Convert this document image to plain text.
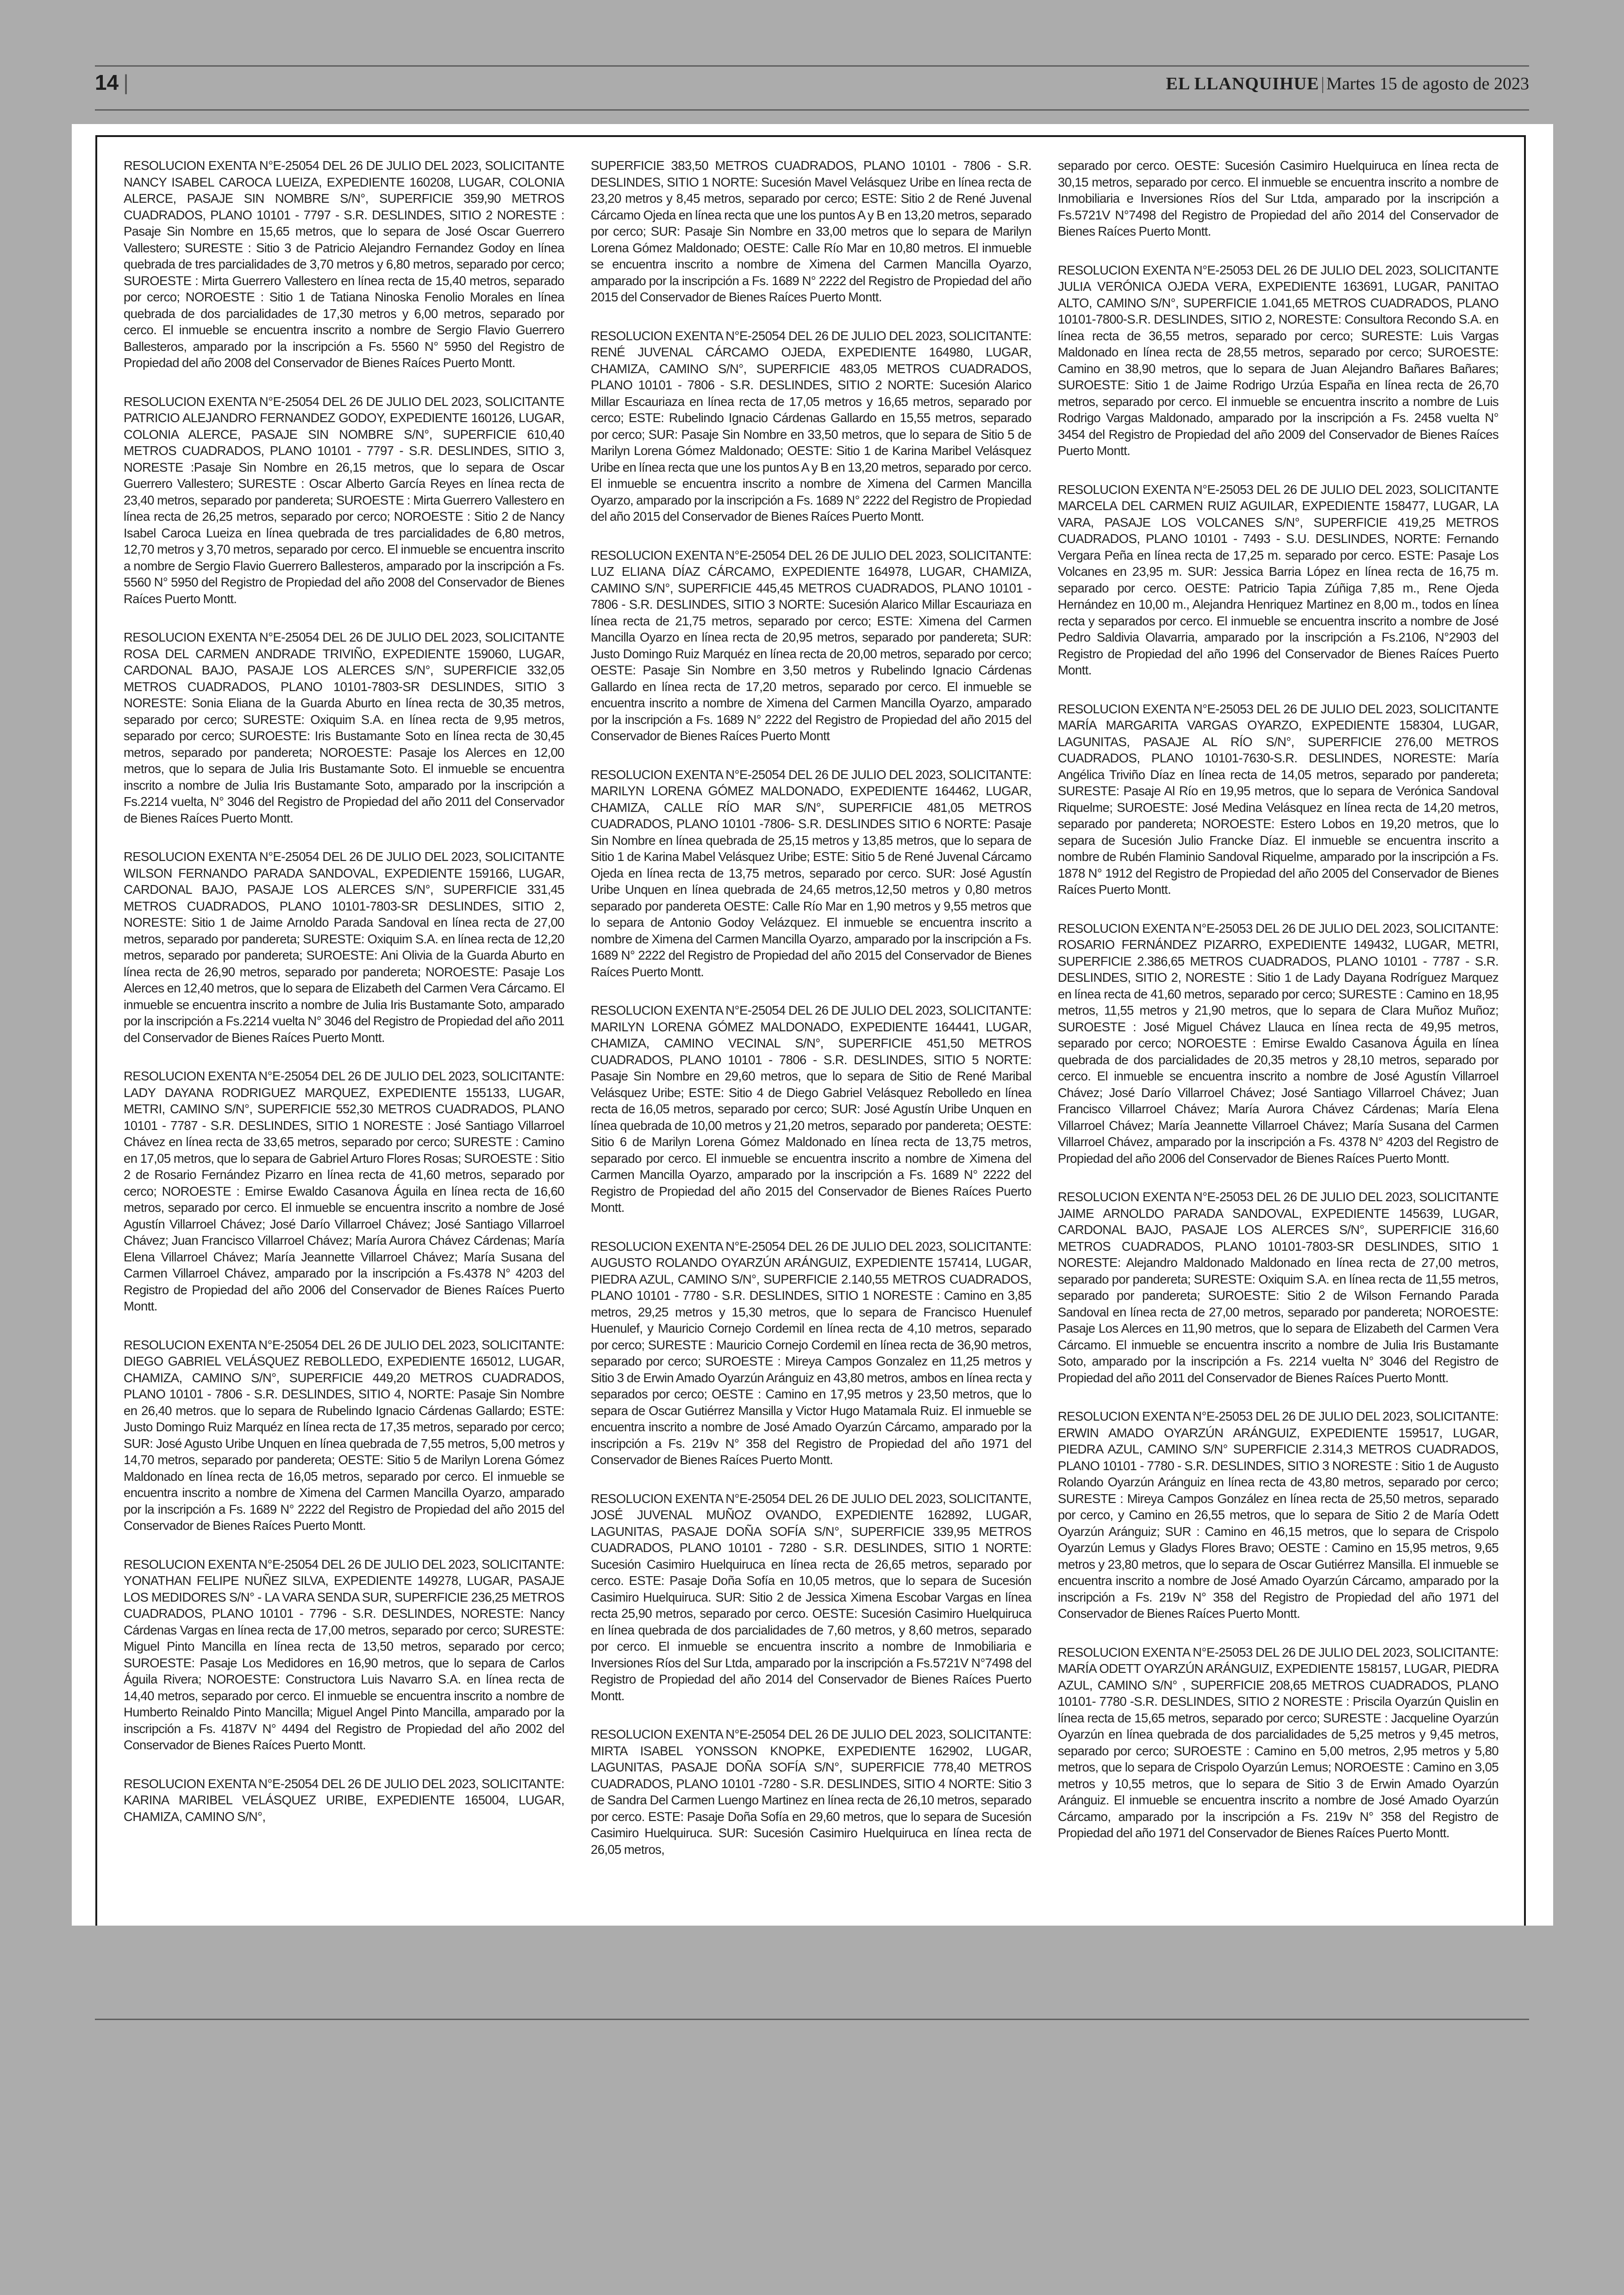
14 |	EL LLANQUIHUE | Martes 15 de agosto de 2023

RESOLUCION EXENTA N°E-25054 DEL 26 DE JULIO DEL 2023, SOLICITANTE NANCY ISABEL CAROCA LUEIZA, EXPEDIENTE 160208, LUGAR, COLONIA ALERCE, PASAJE SIN NOMBRE S/N°, SUPERFICIE 359,90 METROS CUADRADOS, PLANO 10101 - 7797 - S.R. DESLINDES, SITIO 2 NORESTE : Pasaje Sin Nombre en 15,65 metros, que lo separa de José Oscar Guerrero Vallestero; SURESTE : Sitio 3 de Patricio Alejandro Fernandez Godoy en línea quebrada de tres parcialidades de 3,70 metros y 6,80 metros, separado por cerco; SUROESTE : Mirta Guerrero Vallestero en línea recta de 15,40 metros, separado por cerco; NOROESTE : Sitio 1 de Tatiana Ninoska Fenolio Morales en línea quebrada de dos parcialidades de 17,30 metros y 6,00 metros, separado por cerco. El inmueble se encuentra inscrito a nombre de Sergio Flavio Guerrero Ballesteros, amparado por la inscripción a Fs. 5560 N° 5950 del Registro de Propiedad del año 2008 del Conservador de Bienes Raíces Puerto Montt.

RESOLUCION EXENTA N°E-25054 DEL 26 DE JULIO DEL 2023, SOLICITANTE PATRICIO ALEJANDRO FERNANDEZ GODOY, EXPEDIENTE 160126, LUGAR, COLONIA ALERCE, PASAJE SIN NOMBRE S/N°, SUPERFICIE 610,40 METROS CUADRADOS, PLANO 10101 - 7797 - S.R. DESLINDES, SITIO 3, NORESTE :Pasaje Sin Nombre en 26,15 metros, que lo separa de Oscar Guerrero Vallestero; SURESTE : Oscar Alberto García Reyes en línea recta de 23,40 metros, separado por pandereta; SUROESTE : Mirta Guerrero Vallestero en línea recta de 26,25 metros, separado por cerco; NOROESTE : Sitio 2 de Nancy Isabel Caroca Lueiza en línea quebrada de tres parcialidades de 6,80 metros, 12,70 metros y 3,70 metros, separado por cerco. El inmueble se encuentra inscrito a nombre de Sergio Flavio Guerrero Ballesteros, amparado por la inscripción a Fs. 5560 N° 5950 del Registro de Propiedad del año 2008 del Conservador de Bienes Raíces Puerto Montt.

RESOLUCION EXENTA N°E-25054 DEL 26 DE JULIO DEL 2023, SOLICITANTE ROSA DEL CARMEN ANDRADE TRIVIÑO, EXPEDIENTE 159060, LUGAR, CARDONAL BAJO, PASAJE LOS ALERCES S/N°, SUPERFICIE 332,05 METROS CUADRADOS, PLANO 10101-7803-SR DESLINDES, SITIO 3 NORESTE: Sonia Eliana de la Guarda Aburto en línea recta de 30,35 metros, separado por cerco; SURESTE: Oxiquim S.A. en línea recta de 9,95 metros, separado por cerco; SUROESTE: Iris Bustamante Soto en línea recta de 30,45 metros, separado por pandereta; NOROESTE: Pasaje los Alerces en 12,00 metros, que lo separa de Julia Iris Bustamante Soto. El inmueble se encuentra inscrito a nombre de Julia Iris Bustamante Soto, amparado por la inscripción a Fs.2214 vuelta, N° 3046 del Registro de Propiedad del año 2011 del Conservador de Bienes Raíces Puerto Montt.

RESOLUCION EXENTA N°E-25054 DEL 26 DE JULIO DEL 2023, SOLICITANTE WILSON FERNANDO PARADA SANDOVAL, EXPEDIENTE 159166, LUGAR, CARDONAL BAJO, PASAJE LOS ALERCES S/N°, SUPERFICIE 331,45 METROS CUADRADOS, PLANO 10101-7803-SR DESLINDES, SITIO 2, NORESTE: Sitio 1 de Jaime Arnoldo Parada Sandoval en línea recta de 27,00 metros, separado por pandereta; SURESTE: Oxiquim S.A. en línea recta de 12,20 metros, separado por pandereta; SUROESTE: Ani Olivia de la Guarda Aburto en línea recta de 26,90 metros, separado por pandereta; NOROESTE: Pasaje Los Alerces en 12,40 metros, que lo separa de Elizabeth del Carmen Vera Cárcamo. El inmueble se encuentra inscrito a nombre de Julia Iris Bustamante Soto, amparado por la inscripción a Fs.2214 vuelta N° 3046 del Registro de Propiedad del año 2011 del Conservador de Bienes Raíces Puerto Montt.

RESOLUCION EXENTA N°E-25054 DEL 26 DE JULIO DEL 2023, SOLICITANTE: LADY DAYANA RODRIGUEZ MARQUEZ, EXPEDIENTE 155133, LUGAR, METRI, CAMINO S/N°, SUPERFICIE 552,30 METROS CUADRADOS, PLANO 10101 - 7787 - S.R. DESLINDES, SITIO 1 NORESTE : José Santiago Villarroel Chávez en línea recta de 33,65 metros, separado por cerco; SURESTE : Camino en 17,05 metros, que lo separa de Gabriel Arturo Flores Rosas; SUROESTE : Sitio 2 de Rosario Fernández Pizarro en línea recta de 41,60 metros, separado por cerco; NOROESTE : Emirse Ewaldo Casanova Águila en línea recta de 16,60 metros, separado por cerco. El inmueble se encuentra inscrito a nombre de José Agustín Villarroel Chávez; José Darío Villarroel Chávez; José Santiago Villarroel Chávez; Juan Francisco Villarroel Chávez; María Aurora Chávez Cárdenas; María Elena Villarroel Chávez; María Jeannette Villarroel Chávez; María Susana del Carmen Villarroel Chávez, amparado por la inscripción a Fs.4378 N° 4203 del Registro de Propiedad del año 2006 del Conservador de Bienes Raíces Puerto Montt.

RESOLUCION EXENTA N°E-25054 DEL 26 DE JULIO DEL 2023, SOLICITANTE: DIEGO GABRIEL VELÁSQUEZ REBOLLEDO, EXPEDIENTE 165012, LUGAR, CHAMIZA, CAMINO S/N°, SUPERFICIE 449,20 METROS CUADRADOS, PLANO 10101 - 7806 - S.R. DESLINDES, SITIO 4, NORTE: Pasaje Sin Nombre en 26,40 metros. que lo separa de Rubelindo Ignacio Cárdenas Gallardo; ESTE: Justo Domingo Ruiz Marquéz en línea recta de 17,35 metros, separado por cerco; SUR: José Agusto Uribe Unquen en línea quebrada de 7,55 metros, 5,00 metros y 14,70 metros, separado por pandereta; OESTE: Sitio 5 de Marilyn Lorena Gómez Maldonado en línea recta de 16,05 metros, separado por cerco. El inmueble se encuentra inscrito a nombre de Ximena del Carmen Mancilla Oyarzo, amparado por la inscripción a Fs. 1689 N° 2222 del Registro de Propiedad del año 2015 del Conservador de Bienes Raíces Puerto Montt.

RESOLUCION EXENTA N°E-25054 DEL 26 DE JULIO DEL 2023, SOLICITANTE: YONATHAN FELIPE NUÑEZ SILVA, EXPEDIENTE 149278, LUGAR, PASAJE LOS MEDIDORES S/N° - LA VARA SENDA SUR, SUPERFICIE 236,25 METROS CUADRADOS, PLANO 10101 - 7796 - S.R. DESLINDES, NORESTE: Nancy Cárdenas Vargas en línea recta de 17,00 metros, separado por cerco; SURESTE: Miguel Pinto Mancilla en línea recta de 13,50 metros, separado por cerco; SUROESTE: Pasaje Los Medidores en 16,90 metros, que lo separa de Carlos Águila Rivera; NOROESTE: Constructora Luis Navarro S.A. en línea recta de 14,40 metros, separado por cerco. El inmueble se encuentra inscrito a nombre de Humberto Reinaldo Pinto Mancilla; Miguel Angel Pinto Mancilla, amparado por la inscripción a Fs. 4187V N° 4494 del Registro de Propiedad del año 2002 del Conservador de Bienes Raíces Puerto Montt.

RESOLUCION EXENTA N°E-25054 DEL 26 DE JULIO DEL 2023, SOLICITANTE: KARINA MARIBEL VELÁSQUEZ URIBE, EXPEDIENTE 165004, LUGAR, CHAMIZA, CAMINO S/N°,

SUPERFICIE 383,50 METROS CUADRADOS, PLANO 10101 - 7806 - S.R. DESLINDES, SITIO 1 NORTE: Sucesión Mavel Velásquez Uribe en línea recta de 23,20 metros y 8,45 metros, separado por cerco; ESTE: Sitio 2 de René Juvenal Cárcamo Ojeda en línea recta que une los puntos A y B en 13,20 metros, separado por cerco; SUR: Pasaje Sin Nombre en 33,00 metros que lo separa de Marilyn Lorena Gómez Maldonado; OESTE: Calle Río Mar en 10,80 metros. El inmueble se encuentra inscrito a nombre de Ximena del Carmen Mancilla Oyarzo, amparado por la inscripción a Fs. 1689 N° 2222 del Registro de Propiedad del año 2015 del Conservador de Bienes Raíces Puerto Montt.

RESOLUCION EXENTA N°E-25054 DEL 26 DE JULIO DEL 2023, SOLICITANTE: RENÉ JUVENAL CÁRCAMO OJEDA, EXPEDIENTE 164980, LUGAR, CHAMIZA, CAMINO S/N°, SUPERFICIE 483,05 METROS CUADRADOS, PLANO 10101 - 7806 - S.R. DESLINDES, SITIO 2 NORTE: Sucesión Alarico Millar Escauriaza en línea recta de 17,05 metros y 16,65 metros, separado por cerco; ESTE: Rubelindo Ignacio Cárdenas Gallardo en 15,55 metros, separado por cerco; SUR: Pasaje Sin Nombre en 33,50 metros, que lo separa de Sitio 5 de Marilyn Lorena Gómez Maldonado; OESTE: Sitio 1 de Karina Maribel Velásquez Uribe en línea recta que une los puntos A y B en 13,20 metros, separado por cerco. El inmueble se encuentra inscrito a nombre de Ximena del Carmen Mancilla Oyarzo, amparado por la inscripción a Fs. 1689 N° 2222 del Registro de Propiedad del año 2015 del Conservador de Bienes Raíces Puerto Montt.

RESOLUCION EXENTA N°E-25054 DEL 26 DE JULIO DEL 2023, SOLICITANTE: LUZ ELIANA DÍAZ CÁRCAMO, EXPEDIENTE 164978, LUGAR, CHAMIZA, CAMINO S/N°, SUPERFICIE 445,45 METROS CUADRADOS, PLANO 10101 - 7806 - S.R. DESLINDES, SITIO 3 NORTE: Sucesión Alarico Millar Escauriaza en línea recta de 21,75 metros, separado por cerco; ESTE: Ximena del Carmen Mancilla Oyarzo en línea recta de 20,95 metros, separado por pandereta; SUR: Justo Domingo Ruiz Marquéz en línea recta de 20,00 metros, separado por cerco; OESTE: Pasaje Sin Nombre en 3,50 metros y Rubelindo Ignacio Cárdenas Gallardo en línea recta de 17,20 metros, separado por cerco. El inmueble se encuentra inscrito a nombre de Ximena del Carmen Mancilla Oyarzo, amparado por la inscripción a Fs. 1689 N° 2222 del Registro de Propiedad del año 2015 del Conservador de Bienes Raíces Puerto Montt

RESOLUCION EXENTA N°E-25054 DEL 26 DE JULIO DEL 2023, SOLICITANTE: MARILYN LORENA GÓMEZ MALDONADO, EXPEDIENTE 164462, LUGAR, CHAMIZA, CALLE RÍO MAR S/N°, SUPERFICIE 481,05 METROS CUADRADOS, PLANO 10101 -7806- S.R. DESLINDES SITIO 6 NORTE: Pasaje Sin Nombre en línea quebrada de 25,15 metros y 13,85 metros, que lo separa de Sitio 1 de Karina Mabel Velásquez Uribe; ESTE: Sitio 5 de René Juvenal Cárcamo Ojeda en línea recta de 13,75 metros, separado por cerco. SUR: José Agustín Uribe Unquen en línea quebrada de 24,65 metros,12,50 metros y 0,80 metros separado por pandereta OESTE: Calle Río Mar en 1,90 metros y 9,55 metros que lo separa de Antonio Godoy Velázquez. El inmueble se encuentra inscrito a nombre de Ximena del Carmen Mancilla Oyarzo, amparado por la inscripción a Fs. 1689 N° 2222 del Registro de Propiedad del año 2015 del Conservador de Bienes Raíces Puerto Montt.

RESOLUCION EXENTA N°E-25054 DEL 26 DE JULIO DEL 2023, SOLICITANTE: MARILYN LORENA GÓMEZ MALDONADO, EXPEDIENTE 164441, LUGAR, CHAMIZA, CAMINO VECINAL S/N°, SUPERFICIE 451,50 METROS CUADRADOS, PLANO 10101 - 7806 - S.R. DESLINDES, SITIO 5 NORTE: Pasaje Sin Nombre en 29,60 metros, que lo separa de Sitio de René Maribal Velásquez Uribe; ESTE: Sitio 4 de Diego Gabriel Velásquez Rebolledo en línea recta de 16,05 metros, separado por cerco; SUR: José Agustín Uribe Unquen en línea quebrada de 10,00 metros y 21,20 metros, separado por pandereta; OESTE: Sitio 6 de Marilyn Lorena Gómez Maldonado en línea recta de 13,75 metros, separado por cerco. El inmueble se encuentra inscrito a nombre de Ximena del Carmen Mancilla Oyarzo, amparado por la inscripción a Fs. 1689 N° 2222 del Registro de Propiedad del año 2015 del Conservador de Bienes Raíces Puerto Montt.

RESOLUCION EXENTA N°E-25054 DEL 26 DE JULIO DEL 2023, SOLICITANTE: AUGUSTO ROLANDO OYARZÚN ARÁNGUIZ, EXPEDIENTE 157414, LUGAR, PIEDRA AZUL, CAMINO S/N°, SUPERFICIE 2.140,55 METROS CUADRADOS, PLANO 10101 - 7780 - S.R. DESLINDES, SITIO 1 NORESTE : Camino en 3,85 metros, 29,25 metros y 15,30 metros, que lo separa de Francisco Huenulef Huenulef, y Mauricio Cornejo Cordemil en línea recta de 4,10 metros, separado por cerco; SURESTE : Mauricio Cornejo Cordemil en línea recta de 36,90 metros, separado por cerco; SUROESTE : Mireya Campos Gonzalez en 11,25 metros y Sitio 3 de Erwin Amado Oyarzún Aránguiz en 43,80 metros, ambos en línea recta y separados por cerco; OESTE : Camino en 17,95 metros y 23,50 metros, que lo separa de Oscar Gutiérrez Mansilla y Victor Hugo Matamala Ruiz. El inmueble se encuentra inscrito a nombre de José Amado Oyarzún Cárcamo, amparado por la inscripción a Fs. 219v N° 358 del Registro de Propiedad del año 1971 del Conservador de Bienes Raíces Puerto Montt.

RESOLUCION EXENTA N°E-25054 DEL 26 DE JULIO DEL 2023, SOLICITANTE, JOSÉ JUVENAL MUÑOZ OVANDO, EXPEDIENTE 162892, LUGAR, LAGUNITAS, PASAJE DOÑA SOFÍA S/N°, SUPERFICIE 339,95 METROS CUADRADOS, PLANO 10101 - 7280 - S.R. DESLINDES, SITIO 1 NORTE: Sucesión Casimiro Huelquiruca en línea recta de 26,65 metros, separado por cerco. ESTE: Pasaje Doña Sofía en 10,05 metros, que lo separa de Sucesión Casimiro Huelquiruca. SUR: Sitio 2 de Jessica Ximena Escobar Vargas en línea recta 25,90 metros, separado por cerco. OESTE: Sucesión Casimiro Huelquiruca en línea quebrada de dos parcialidades de 7,60 metros, y 8,60 metros, separado por cerco. El inmueble se encuentra inscrito a nombre de Inmobiliaria e Inversiones Ríos del Sur Ltda, amparado por la inscripción a Fs.5721V N°7498 del Registro de Propiedad del año 2014 del Conservador de Bienes Raíces Puerto Montt.

RESOLUCION EXENTA N°E-25054 DEL 26 DE JULIO DEL 2023, SOLICITANTE: MIRTA ISABEL YONSSON KNOPKE, EXPEDIENTE 162902, LUGAR, LAGUNITAS, PASAJE DOÑA SOFÍA S/N°, SUPERFICIE 778,40 METROS CUADRADOS, PLANO 10101 -7280 - S.R. DESLINDES, SITIO 4 NORTE: Sitio 3 de Sandra Del Carmen Luengo Martinez en línea recta de 26,10 metros, separado por cerco. ESTE: Pasaje Doña Sofía en 29,60 metros, que lo separa de Sucesión Casimiro Huelquiruca. SUR: Sucesión Casimiro Huelquiruca en línea recta de 26,05 metros,

separado por cerco. OESTE: Sucesión Casimiro Huelquiruca en línea recta de 30,15 metros, separado por cerco. El inmueble se encuentra inscrito a nombre de Inmobiliaria e Inversiones Ríos del Sur Ltda, amparado por la inscripción a Fs.5721V N°7498 del Registro de Propiedad del año 2014 del Conservador de Bienes Raíces Puerto Montt.

RESOLUCION EXENTA N°E-25053 DEL 26 DE JULIO DEL 2023, SOLICITANTE JULIA VERÓNICA OJEDA VERA, EXPEDIENTE 163691, LUGAR, PANITAO ALTO, CAMINO S/N°, SUPERFICIE 1.041,65 METROS CUADRADOS, PLANO 10101-7800-S.R. DESLINDES, SITIO 2, NORESTE: Consultora Recondo S.A. en línea recta de 36,55 metros, separado por cerco; SURESTE: Luis Vargas Maldonado en línea recta de 28,55 metros, separado por cerco; SUROESTE: Camino en 38,90 metros, que lo separa de Juan Alejandro Bañares Bañares; SUROESTE: Sitio 1 de Jaime Rodrigo Urzúa España en línea recta de 26,70 metros, separado por cerco. El inmueble se encuentra inscrito a nombre de Luis Rodrigo Vargas Maldonado, amparado por la inscripción a Fs. 2458 vuelta N° 3454 del Registro de Propiedad del año 2009 del Conservador de Bienes Raíces Puerto Montt.

RESOLUCION EXENTA N°E-25053 DEL 26 DE JULIO DEL 2023, SOLICITANTE MARCELA DEL CARMEN RUIZ AGUILAR, EXPEDIENTE 158477, LUGAR, LA VARA, PASAJE LOS VOLCANES S/N°, SUPERFICIE 419,25 METROS CUADRADOS, PLANO 10101 - 7493 - S.U. DESLINDES, NORTE: Fernando Vergara Peña en línea recta de 17,25 m. separado por cerco. ESTE: Pasaje Los Volcanes en 23,95 m. SUR: Jessica Barria López en línea recta de 16,75 m. separado por cerco. OESTE: Patricio Tapia Zúñiga 7,85 m., Rene Ojeda Hernández en 10,00 m., Alejandra Henriquez Martinez en 8,00 m., todos en línea recta y separados por cerco. El inmueble se encuentra inscrito a nombre de José Pedro Saldivia Olavarria, amparado por la inscripción a Fs.2106, N°2903 del Registro de Propiedad del año 1996 del Conservador de Bienes Raíces Puerto Montt.

RESOLUCION EXENTA N°E-25053 DEL 26 DE JULIO DEL 2023, SOLICITANTE MARÍA MARGARITA VARGAS OYARZO, EXPEDIENTE 158304, LUGAR, LAGUNITAS, PASAJE AL RÍO S/N°, SUPERFICIE 276,00 METROS CUADRADOS, PLANO 10101-7630-S.R. DESLINDES, NORESTE: María Angélica Triviño Díaz en línea recta de 14,05 metros, separado por pandereta; SURESTE: Pasaje Al Río en 19,95 metros, que lo separa de Verónica Sandoval Riquelme; SUROESTE: José Medina Velásquez en línea recta de 14,20 metros, separado por pandereta; NOROESTE: Estero Lobos en 19,20 metros, que lo separa de Sucesión Julio Francke Díaz. El inmueble se encuentra inscrito a nombre de Rubén Flaminio Sandoval Riquelme, amparado por la inscripción a Fs. 1878 N° 1912 del Registro de Propiedad del año 2005 del Conservador de Bienes Raíces Puerto Montt.

RESOLUCION EXENTA N°E-25053 DEL 26 DE JULIO DEL 2023, SOLICITANTE: ROSARIO FERNÁNDEZ PIZARRO, EXPEDIENTE 149432, LUGAR, METRI, SUPERFICIE 2.386,65 METROS CUADRADOS, PLANO 10101 - 7787 - S.R. DESLINDES, SITIO 2, NORESTE : Sitio 1 de Lady Dayana Rodríguez Marquez en línea recta de 41,60 metros, separado por cerco; SURESTE : Camino en 18,95 metros, 11,55 metros y 21,90 metros, que lo separa de Clara Muñoz Muñoz; SUROESTE : José Miguel Chávez Llauca en línea recta de 49,95 metros, separado por cerco; NOROESTE : Emirse Ewaldo Casanova Águila en línea quebrada de dos parcialidades de 20,35 metros y 28,10 metros, separado por cerco. El inmueble se encuentra inscrito a nombre de José Agustín Villarroel Chávez; José Darío Villarroel Chávez; José Santiago Villarroel Chávez; Juan Francisco Villarroel Chávez; María Aurora Chávez Cárdenas; María Elena Villarroel Chávez; María Jeannette Villarroel Chávez; María Susana del Carmen Villarroel Chávez, amparado por la inscripción a Fs. 4378 N° 4203 del Registro de Propiedad del año 2006 del Conservador de Bienes Raíces Puerto Montt.

RESOLUCION EXENTA N°E-25053 DEL 26 DE JULIO DEL 2023, SOLICITANTE JAIME ARNOLDO PARADA SANDOVAL, EXPEDIENTE 145639, LUGAR, CARDONAL BAJO, PASAJE LOS ALERCES S/N°, SUPERFICIE 316,60 METROS CUADRADOS, PLANO 10101-7803-SR DESLINDES, SITIO 1 NORESTE: Alejandro Maldonado Maldonado en línea recta de 27,00 metros, separado por pandereta; SURESTE: Oxiquim S.A. en línea recta de 11,55 metros, separado por pandereta; SUROESTE: Sitio 2 de Wilson Fernando Parada Sandoval en línea recta de 27,00 metros, separado por pandereta; NOROESTE: Pasaje Los Alerces en 11,90 metros, que lo separa de Elizabeth del Carmen Vera Cárcamo. El inmueble se encuentra inscrito a nombre de Julia Iris Bustamante Soto, amparado por la inscripción a Fs. 2214 vuelta N° 3046 del Registro de Propiedad del año 2011 del Conservador de Bienes Raíces Puerto Montt.

RESOLUCION EXENTA N°E-25053 DEL 26 DE JULIO DEL 2023, SOLICITANTE: ERWIN AMADO OYARZÚN ARÁNGUIZ, EXPEDIENTE 159517, LUGAR, PIEDRA AZUL, CAMINO S/N° SUPERFICIE 2.314,3 METROS CUADRADOS, PLANO 10101 - 7780 - S.R. DESLINDES, SITIO 3 NORESTE : Sitio 1 de Augusto Rolando Oyarzún Aránguiz en línea recta de 43,80 metros, separado por cerco; SURESTE : Mireya Campos González en línea recta de 25,50 metros, separado por cerco, y Camino en 26,55 metros, que lo separa de Sitio 2 de María Odett Oyarzún Aránguiz; SUR : Camino en 46,15 metros, que lo separa de Crispolo Oyarzún Lemus y Gladys Flores Bravo; OESTE : Camino en 15,95 metros, 9,65 metros y 23,80 metros, que lo separa de Oscar Gutiérrez Mansilla. El inmueble se encuentra inscrito a nombre de José Amado Oyarzún Cárcamo, amparado por la inscripción a Fs. 219v N° 358 del Registro de Propiedad del año 1971 del Conservador de Bienes Raíces Puerto Montt.

RESOLUCION EXENTA N°E-25053 DEL 26 DE JULIO DEL 2023, SOLICITANTE: MARÍA ODETT OYARZÚN ARÁNGUIZ, EXPEDIENTE 158157, LUGAR, PIEDRA AZUL, CAMINO S/N° , SUPERFICIE 208,65 METROS CUADRADOS, PLANO 10101- 7780 -S.R. DESLINDES, SITIO 2 NORESTE : Priscila Oyarzún Quislin en línea recta de 15,65 metros, separado por cerco; SURESTE : Jacqueline Oyarzún Oyarzún en línea quebrada de dos parcialidades de 5,25 metros y 9,45 metros, separado por cerco; SUROESTE : Camino en 5,00 metros, 2,95 metros y 5,80 metros, que lo separa de Crispolo Oyarzún Lemus; NOROESTE : Camino en 3,05 metros y 10,55 metros, que lo separa de Sitio 3 de Erwin Amado Oyarzún Aránguiz. El inmueble se encuentra inscrito a nombre de José Amado Oyarzún Cárcamo, amparado por la inscripción a Fs. 219v N° 358 del Registro de Propiedad del año 1971 del Conservador de Bienes Raíces Puerto Montt.
